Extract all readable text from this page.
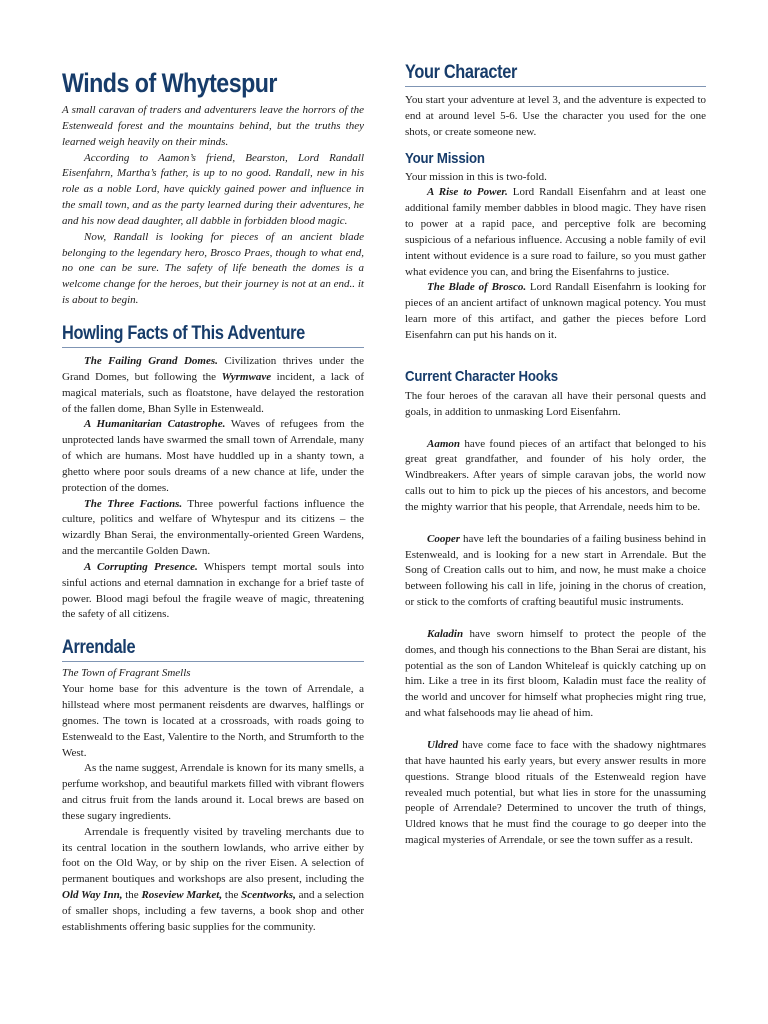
Winds of Whytespur

A small caravan of traders and adventurers leave the horrors of the Estenweald forest and the mountains behind, but the truths they learned weigh heavily on their minds.

According to Aamon’s friend, Bearston, Lord Randall Eisenfahrn, Martha’s father, is up to no good. Randall, new in his role as a noble Lord, have quickly gained power and influence in the small town, and as the party learned during their adventures, he and his now dead daughter, all dabble in forbidden blood magic.

Now, Randall is looking for pieces of an ancient blade belonging to the legendary hero, Brosco Praes, though to what end, no one can be sure. The safety of life beneath the domes is a welcome change for the heroes, but their journey is not at an end.. it is about to begin.

Howling Facts of This Adventure

The Failing Grand Domes. Civilization thrives under the Grand Domes, but following the Wyrmwave incident, a lack of magical materials, such as floatstone, have delayed the restoration of the fallen dome, Bhan Sylle in Estenweald.

A Humanitarian Catastrophe. Waves of refugees from the unprotected lands have swarmed the small town of Arrendale, many of which are humans. Most have huddled up in a shanty town, a ghetto where poor souls dreams of a new chance at life, under the protection of the domes.

The Three Factions. Three powerful factions influence the culture, politics and welfare of Whytespur and its citizens – the wizardly Bhan Serai, the environmentally-oriented Green Wardens, and the mercantile Golden Dawn.

A Corrupting Presence. Whispers tempt mortal souls into sinful actions and eternal damnation in exchange for a brief taste of power. Blood magi befoul the fragile weave of magic, threatening the safety of all citizens.

Arrendale

The Town of Fragrant Smells

Your home base for this adventure is the town of Arrendale, a hillstead where most permanent reisdents are dwarves, halflings or gnomes. The town is located at a crossroads, with roads going to Estenweald to the East, Valentire to the North, and Strumforth to the West.

As the name suggest, Arrendale is known for its many smells, a perfume workshop, and beautiful markets filled with vibrant flowers and citrus fruit from the lands around it. Local brews are based on these sugary ingredients.

Arrendale is frequently visited by traveling merchants due to its central location in the southern lowlands, who arrive either by foot on the Old Way, or by ship on the river Eisen. A selection of permanent boutiques and workshops are also present, including the Old Way Inn, the Roseview Market, the Scentworks, and a selection of smaller shops, including a few taverns, a book shop and other establishments offering basic supplies for the community.

Your Character

You start your adventure at level 3, and the adventure is expected to end at around level 5-6. Use the character you used for the one shots, or create someone new.

Your Mission

Your mission in this is two-fold.

A Rise to Power. Lord Randall Eisenfahrn and at least one additional family member dabbles in blood magic. They have risen to power at a rapid pace, and perceptive folk are becoming suspicious of a nefarious influence. Accusing a noble family of evil intent without evidence is a sure road to failure, so you must gather what evidence you can, and bring the Eisenfahrns to justice.

The Blade of Brosco. Lord Randall Eisenfahrn is looking for pieces of an ancient artifact of unknown magical potency. You must learn more of this artifact, and gather the pieces before Lord Eisenfahrn can put his hands on it.

Current Character Hooks

The four heroes of the caravan all have their personal quests and goals, in addition to unmasking Lord Eisenfahrn.

Aamon have found pieces of an artifact that belonged to his great great grandfather, and founder of his holy order, the Windbreakers. After years of simple caravan jobs, the world now calls out to him to pick up the pieces of his ancestors, and become the mighty warrior that his people, that Arrendale, needs him to be.

Cooper have left the boundaries of a failing business behind in Estenweald, and is looking for a new start in Arrendale. But the Song of Creation calls out to him, and now, he must make a choice between following his call in life, joining in the chorus of creation, or stick to the comforts of crafting beautiful music instruments.

Kaladin have sworn himself to protect the people of the domes, and though his connections to the Bhan Serai are distant, his potential as the son of Landon Whiteleaf is quickly catching up on him. Like a tree in its first bloom, Kaladin must face the reality of the world and uncover for himself what prophecies might ring true, and what falsehoods may lie ahead of him.

Uldred have come face to face with the shadowy nightmares that have haunted his early years, but every answer results in more questions. Strange blood rituals of the Estenweald region have revealed much potential, but what lies in store for the unassuming people of Arrendale? Determined to uncover the truth of things, Uldred knows that he must find the courage to go deeper into the magical mysteries of Arrendale, or see the town suffer as a result.
